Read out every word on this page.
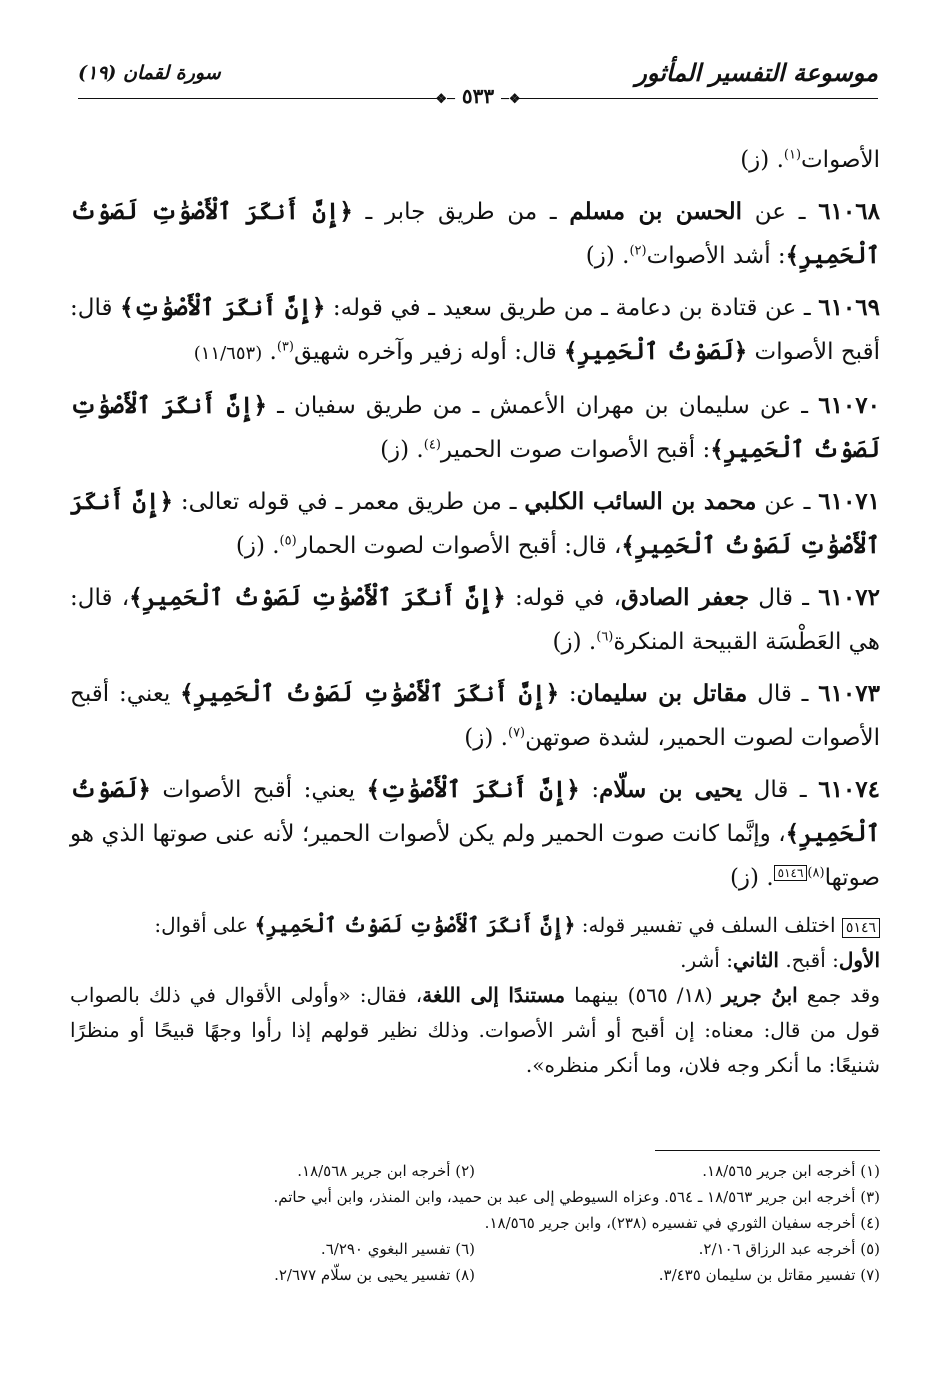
موسوعة التفسير المأثور
سورة لقمان (١٩)
❖─ ٥٣٣ ─❖

الأصوات$^{(١)}$. (ز)

٦١٠٦٨ ـ عن الحسن بن مسلم ـ من طريق جابر ـ ﴿إِنَّ أَنكَرَ ٱلْأَصْوَٰتِ لَصَوْتُ ٱلْحَمِيرِ﴾: أشد الأصوات$^{(٢)}$. (ز)

٦١٠٦٩ ـ عن قتادة بن دعامة ـ من طريق سعيد ـ في قوله: ﴿إِنَّ أَنكَرَ ٱلْأَصْوَٰتِ﴾ قال: أقبح الأصوات ﴿لَصَوْتُ ٱلْحَمِيرِ﴾ قال: أوله زفير وآخره شهيق$^{(٣)}$. (١١/٦٥٣)

٦١٠٧٠ ـ عن سليمان بن مهران الأعمش ـ من طريق سفيان ـ ﴿إِنَّ أَنكَرَ ٱلْأَصْوَٰتِ لَصَوْتُ ٱلْحَمِيرِ﴾: أقبح الأصوات صوت الحمير$^{(٤)}$. (ز)

٦١٠٧١ ـ عن محمد بن السائب الكلبي ـ من طريق معمر ـ في قوله تعالى: ﴿إِنَّ أَنكَرَ ٱلْأَصْوَٰتِ لَصَوْتُ ٱلْحَمِيرِ﴾، قال: أقبح الأصوات لصوت الحمار$^{(٥)}$. (ز)

٦١٠٧٢ ـ قال جعفر الصادق، في قوله: ﴿إِنَّ أَنكَرَ ٱلْأَصْوَٰتِ لَصَوْتُ ٱلْحَمِيرِ﴾، قال: هي العَطْسَة القبيحة المنكرة$^{(٦)}$. (ز)

٦١٠٧٣ ـ قال مقاتل بن سليمان: ﴿إِنَّ أَنكَرَ ٱلْأَصْوَٰتِ لَصَوْتُ ٱلْحَمِيرِ﴾ يعني: أقبح الأصوات لصوت الحمير، لشدة صوتهن$^{(٧)}$. (ز)

٦١٠٧٤ ـ قال يحيى بن سلّام: ﴿إِنَّ أَنكَرَ ٱلْأَصْوَٰتِ﴾ يعني: أقبح الأصوات ﴿لَصَوْتُ ٱلْحَمِيرِ﴾، وإنَّما كانت صوت الحمير ولم يكن لأصوات الحمير؛ لأنه عنى صوتها الذي هو صوتها$^{(٨)}$٥١٤٦. (ز)

٥١٤٦ اختلف السلف في تفسير قوله: ﴿إِنَّ أَنكَرَ ٱلْأَصْوَٰتِ لَصَوْتُ ٱلْحَمِيرِ﴾ على أقوال:

الأول: أقبح. الثاني: أشر.

وقد جمع ابنُ جرير (١٨/ ٥٦٥) بينهما مستندًا إلى اللغة، فقال: «وأولى الأقوال في ذلك بالصواب قول من قال: معناه: إن أقبح أو أشر الأصوات. وذلك نظير قولهم إذا رأوا وجهًا قبيحًا أو منظرًا شنيعًا: ما أنكر وجه فلان، وما أنكر منظره».

(١) أخرجه ابن جرير ١٨/٥٦٥.
(٢) أخرجه ابن جرير ١٨/٥٦٨.
(٣) أخرجه ابن جرير ١٨/٥٦٣ ـ ٥٦٤. وعزاه السيوطي إلى عبد بن حميد، وابن المنذر، وابن أبي حاتم.
(٤) أخرجه سفيان الثوري في تفسيره (٢٣٨)، وابن جرير ١٨/٥٦٥.
(٥) أخرجه عبد الرزاق ٢/١٠٦.
(٦) تفسير البغوي ٦/٢٩٠.
(٧) تفسير مقاتل بن سليمان ٣/٤٣٥.
(٨) تفسير يحيى بن سلّام ٢/٦٧٧.
